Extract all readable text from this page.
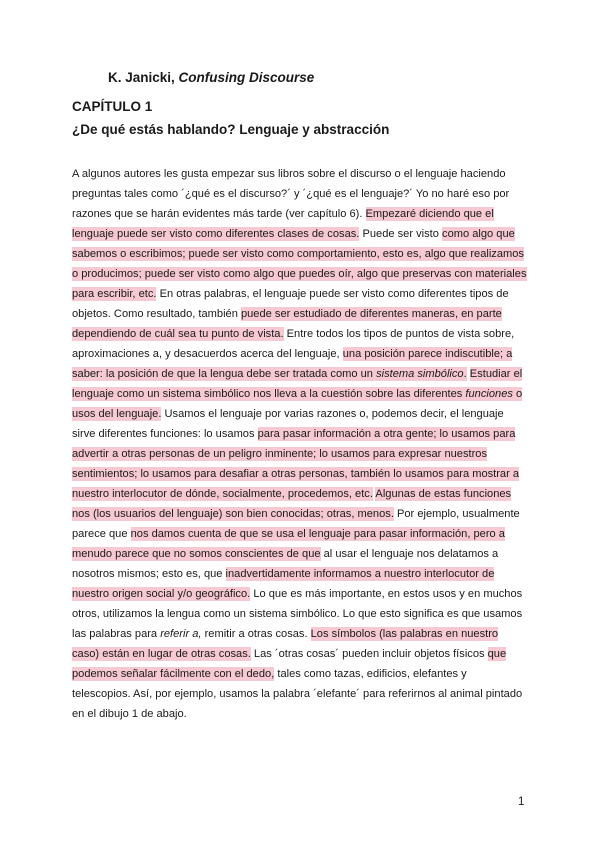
K. Janicki, Confusing Discourse
CAPÍTULO 1
¿De qué estás hablando? Lenguaje y abstracción
A algunos autores les gusta empezar sus libros sobre el discurso o el lenguaje haciendo
preguntas tales como ´¿qué es el discurso?´ y ´¿qué es el lenguaje?´ Yo no haré eso por
razones que se harán evidentes más tarde (ver capítulo 6). Empezaré diciendo que el
lenguaje puede ser visto como diferentes clases de cosas. Puede ser visto como algo que
sabemos o escribimos; puede ser visto como comportamiento, esto es, algo que realizamos
o producimos; puede ser visto como algo que puedes oír, algo que preservas con materiales
para escribir, etc. En otras palabras, el lenguaje puede ser visto como diferentes tipos de
objetos. Como resultado, también puede ser estudiado de diferentes maneras, en parte
dependiendo de cuál sea tu punto de vista. Entre todos los tipos de puntos de vista sobre,
aproximaciones a, y desacuerdos acerca del lenguaje, una posición parece indiscutible; a
saber: la posición de que la lengua debe ser tratada como un sistema simbólico. Estudiar el
lenguaje como un sistema simbólico nos lleva a la cuestión sobre las diferentes funciones o
usos del lenguaje. Usamos el lenguaje por varias razones o, podemos decir, el lenguaje
sirve diferentes funciones: lo usamos para pasar información a otra gente; lo usamos para
advertir a otras personas de un peligro inminente; lo usamos para expresar nuestros
sentimientos; lo usamos para desafiar a otras personas, también lo usamos para mostrar a
nuestro interlocutor de dónde, socialmente, procedemos, etc. Algunas de estas funciones
nos (los usuarios del lenguaje) son bien conocidas; otras, menos. Por ejemplo, usualmente
parece que nos damos cuenta de que se usa el lenguaje para pasar información, pero a
menudo parece que no somos conscientes de que al usar el lenguaje nos delatamos a
nosotros mismos; esto es, que inadvertidamente informamos a nuestro interlocutor de
nuestro origen social y/o geográfico. Lo que es más importante, en estos usos y en muchos
otros, utilizamos la lengua como un sistema simbólico. Lo que esto significa es que usamos
las palabras para referir a, remitir a otras cosas. Los símbolos (las palabras en nuestro
caso) están en lugar de otras cosas. Las ´otras cosas´ pueden incluir objetos físicos que
podemos señalar fácilmente con el dedo, tales como tazas, edificios, elefantes y
telescopios. Así, por ejemplo, usamos la palabra ´elefante´ para referirnos al animal pintado
en el dibujo 1 de abajo.
1
